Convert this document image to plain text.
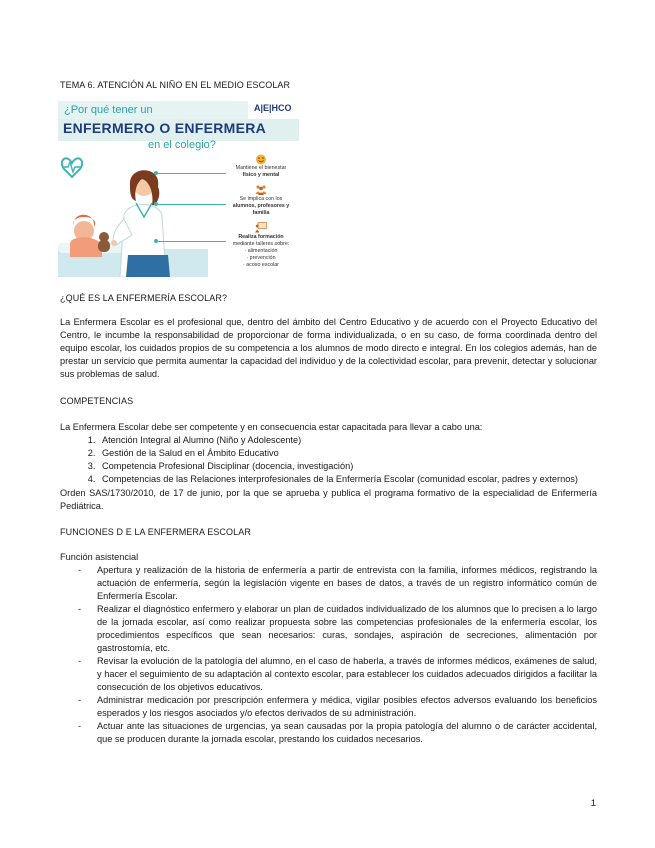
TEMA 6. ATENCIÓN AL NIÑO EN EL MEDIO ESCOLAR
¿Por qué tener un
ENFERMERO O ENFERMERA
en el colegio?
A|E|HCO
Mantiene el bienestar
físico y mental
Se implica con los
alumnos, profesores y
familia
Realiza formación
mediante talleres sobre:
· alimentación
· prevención
· acoso escolar
¿QUÉ ES LA ENFERMERÍA ESCOLAR?
La Enfermera Escolar es el profesional que, dentro del ámbito del Centro Educativo y de acuerdo con el Proyecto Educativo del Centro, le incumbe la responsabilidad de proporcionar de forma individualizada, o en su caso, de forma coordinada dentro del equipo escolar, los cuidados propios de su competencia a los alumnos de modo directo e integral. En los colegios además, han de prestar un servicio que permita aumentar la capacidad del individuo y de la colectividad escolar, para prevenir, detectar y solucionar sus problemas de salud.
COMPETENCIAS
La Enfermera Escolar debe ser competente y en consecuencia estar capacitada para llevar a cabo una:
1. Atención Integral al Alumno (Niño y Adolescente)
2. Gestión de la Salud en el Ámbito Educativo
3. Competencia Profesional Disciplinar (docencia, investigación)
4. Competencias de las Relaciones interprofesionales de la Enfermería Escolar (comunidad escolar, padres y externos)
Orden SAS/1730/2010, de 17 de junio, por la que se aprueba y publica el programa formativo de la especialidad de Enfermería Pediátrica.
FUNCIONES D E LA ENFERMERA ESCOLAR
Función asistencial
- Apertura y realización de la historia de enfermería a partir de entrevista con la familia, informes médicos, registrando la actuación de enfermería, según la legislación vigente en bases de datos, a través de un registro informático común de Enfermería Escolar.
- Realizar el diagnóstico enfermero y elaborar un plan de cuidados individualizado de los alumnos que lo precisen a lo largo de la jornada escolar, así como realizar propuesta sobre las competencias profesionales de la enfermería escolar, los procedimientos específicos que sean necesarios: curas, sondajes, aspiración de secreciones, alimentación por gastrostomía, etc.
- Revisar la evolución de la patología del alumno, en el caso de haberla, a través de informes médicos, exámenes de salud, y hacer el seguimiento de su adaptación al contexto escolar, para establecer los cuidados adecuados dirigidos a facilitar la consecución de los objetivos educativos.
- Administrar medicación por prescripción enfermera y médica, vigilar posibles efectos adversos evaluando los beneficios esperados y los riesgos asociados y/o efectos derivados de su administración.
- Actuar ante las situaciones de urgencias, ya sean causadas por la propia patología del alumno o de carácter accidental, que se producen durante la jornada escolar, prestando los cuidados necesarios.
1
